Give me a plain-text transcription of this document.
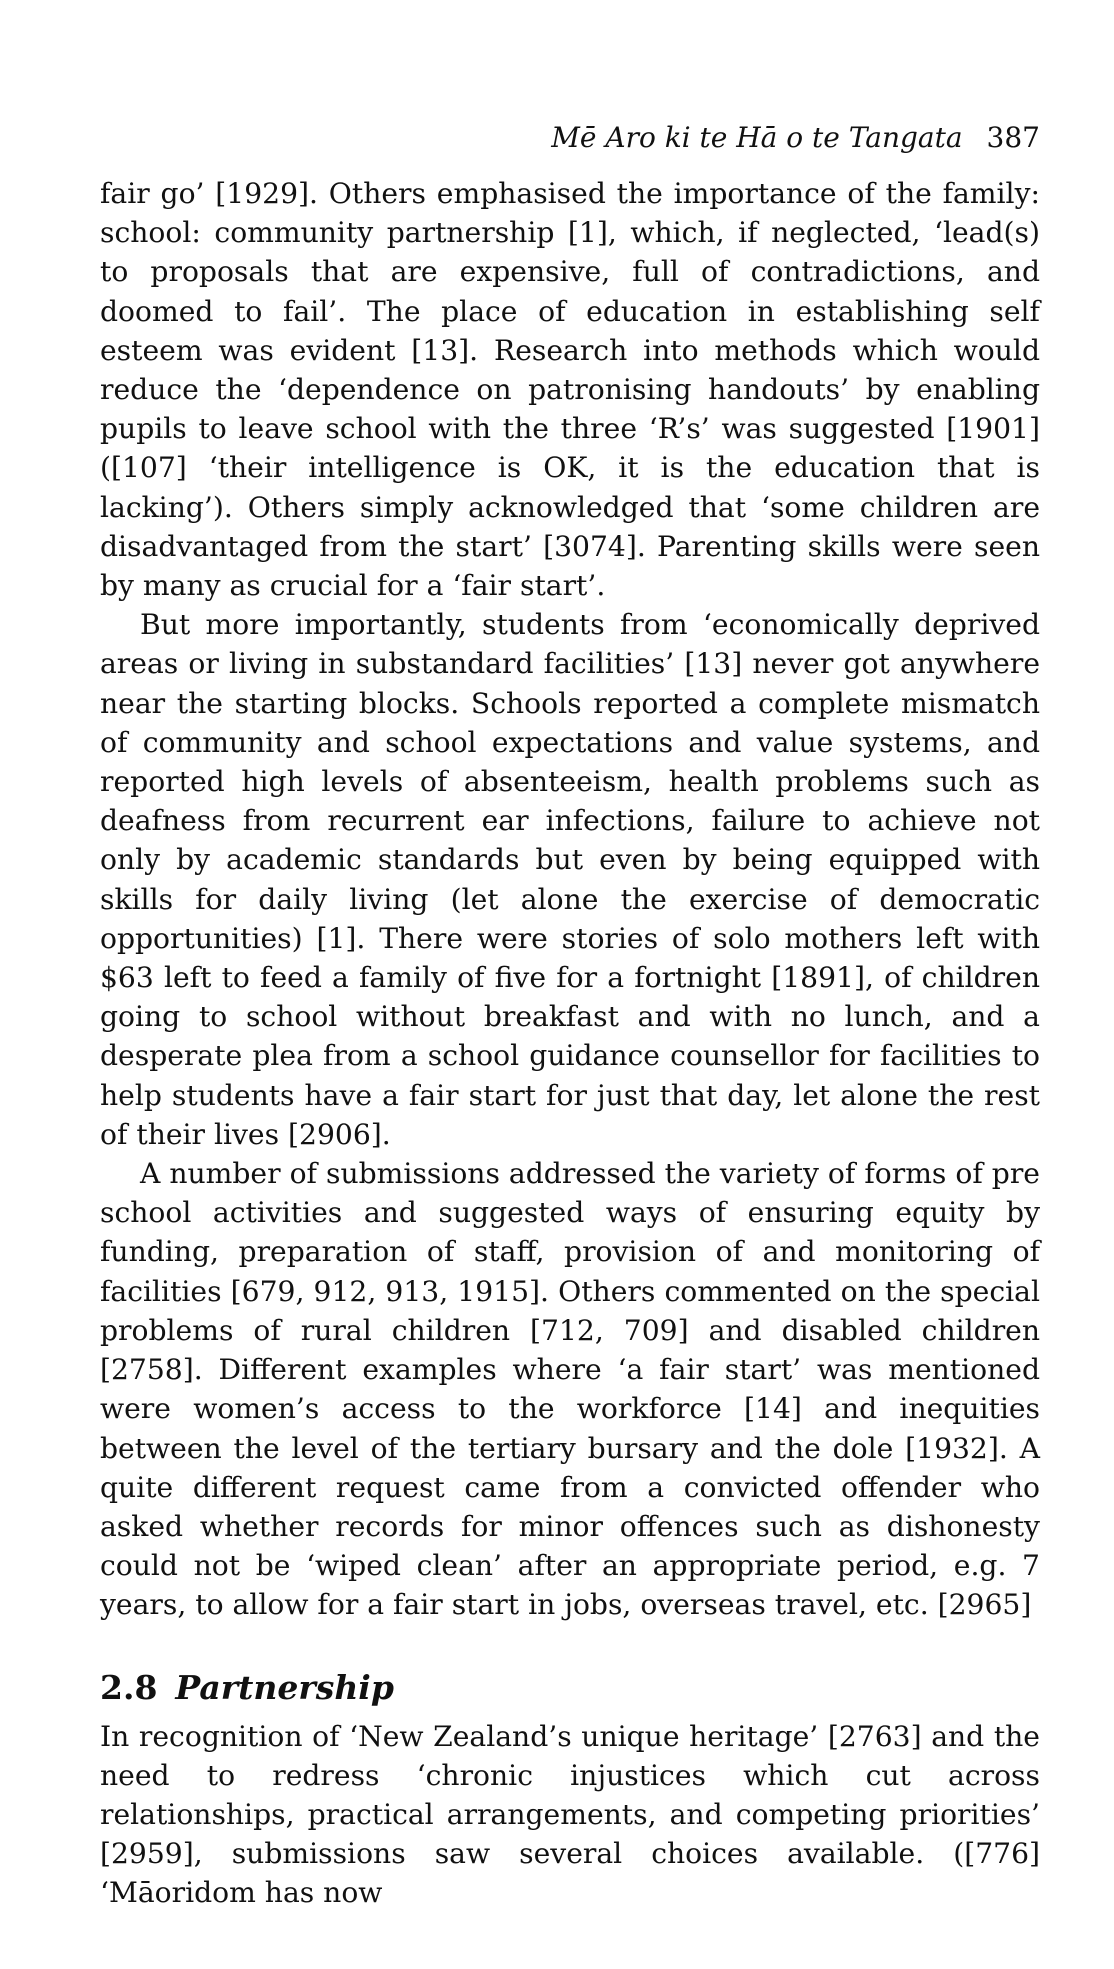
Mē Aro ki te Hā o te Tangata 387

fair go’ [1929]. Others emphasised the importance of the family: school: community partnership [1], which, if neglected, ‘lead(s) to proposals that are expensive, full of contradictions, and doomed to fail’. The place of education in establishing self esteem was evident [13]. Research into methods which would reduce the ‘dependence on patronising handouts’ by enabling pupils to leave school with the three ‘R’s’ was suggested [1901] ([107] ‘their intelligence is OK, it is the education that is lacking’). Others simply acknowledged that ‘some children are disadvantaged from the start’ [3074]. Parenting skills were seen by many as crucial for a ‘fair start’.

But more importantly, students from ‘economically deprived areas or living in substandard facilities’ [13] never got anywhere near the starting blocks. Schools reported a complete mismatch of community and school expectations and value systems, and reported high levels of absenteeism, health problems such as deafness from recurrent ear infections, failure to achieve not only by academic standards but even by being equipped with skills for daily living (let alone the exercise of democratic opportunities) [1]. There were stories of solo mothers left with $63 left to feed a family of five for a fortnight [1891], of children going to school without breakfast and with no lunch, and a desperate plea from a school guidance counsellor for facilities to help students have a fair start for just that day, let alone the rest of their lives [2906].

A number of submissions addressed the variety of forms of pre school activities and suggested ways of ensuring equity by funding, preparation of staff, provision of and monitoring of facilities [679, 912, 913, 1915]. Others commented on the special problems of rural children [712, 709] and disabled children [2758]. Different examples where ‘a fair start’ was mentioned were women’s access to the workforce [14] and inequities between the level of the tertiary bursary and the dole [1932]. A quite different request came from a convicted offender who asked whether records for minor offences such as dishonesty could not be ‘wiped clean’ after an appropriate period, e.g. 7 years, to allow for a fair start in jobs, overseas travel, etc. [2965]

2.8 Partnership

In recognition of ‘New Zealand’s unique heritage’ [2763] and the need to redress ‘chronic injustices which cut across relationships, practical arrangements, and competing priorities’ [2959], submissions saw several choices available. ([776] ‘Māoridom has now
